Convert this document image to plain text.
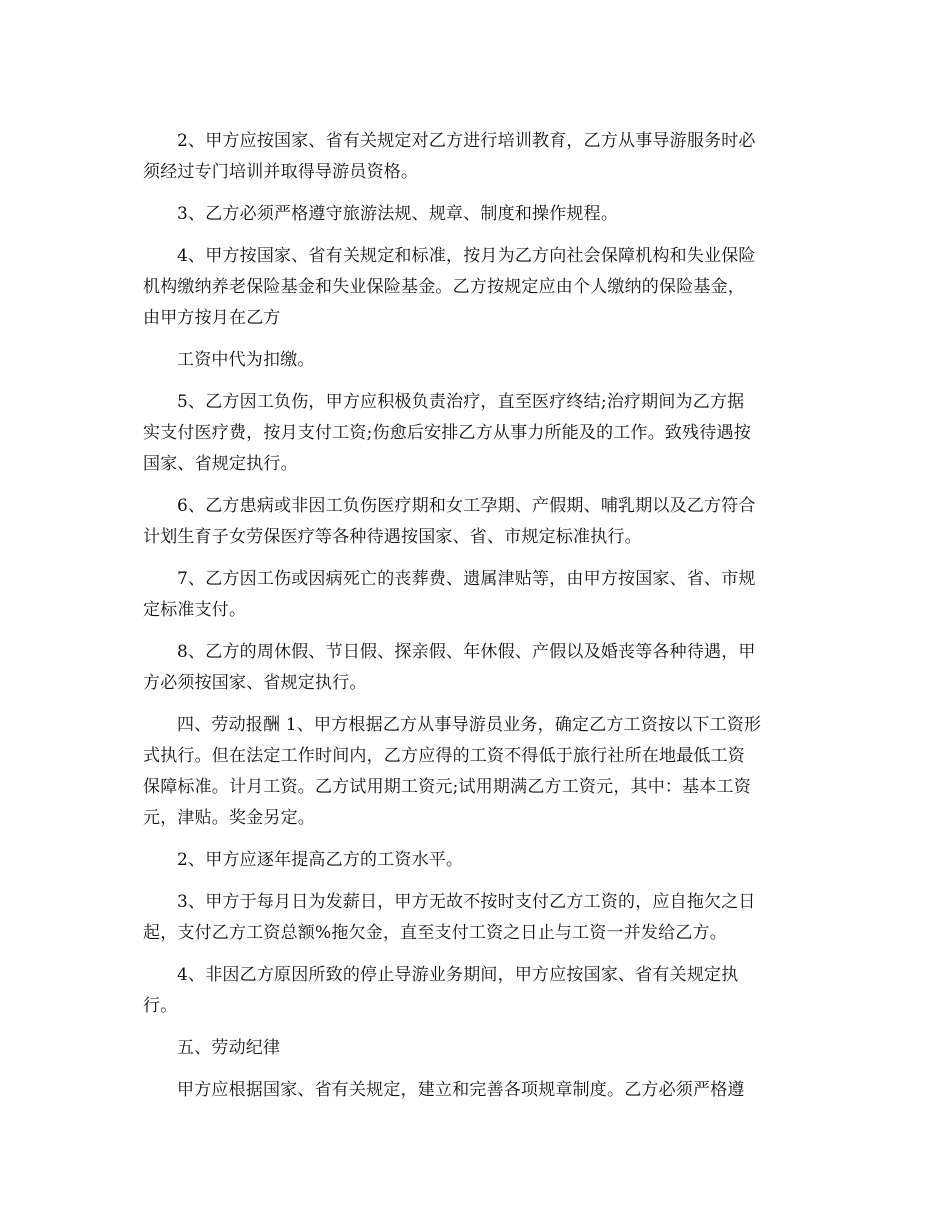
2、甲方应按国家、省有关规定对乙方进行培训教育，乙方从事导游服务时必
须经过专门培训并取得导游员资格。

3、乙方必须严格遵守旅游法规、规章、制度和操作规程。

4、甲方按国家、省有关规定和标准，按月为乙方向社会保障机构和失业保险
机构缴纳养老保险基金和失业保险基金。乙方按规定应由个人缴纳的保险基金，
由甲方按月在乙方

工资中代为扣缴。

5、乙方因工负伤，甲方应积极负责治疗，直至医疗终结;治疗期间为乙方据
实支付医疗费，按月支付工资;伤愈后安排乙方从事力所能及的工作。致残待遇按
国家、省规定执行。

6、乙方患病或非因工负伤医疗期和女工孕期、产假期、哺乳期以及乙方符合
计划生育子女劳保医疗等各种待遇按国家、省、市规定标准执行。

7、乙方因工伤或因病死亡的丧葬费、遗属津贴等，由甲方按国家、省、市规
定标准支付。

8、乙方的周休假、节日假、探亲假、年休假、产假以及婚丧等各种待遇，甲
方必须按国家、省规定执行。

四、劳动报酬 1、甲方根据乙方从事导游员业务，确定乙方工资按以下工资形
式执行。但在法定工作时间内，乙方应得的工资不得低于旅行社所在地最低工资
保障标准。计月工资。乙方试用期工资元;试用期满乙方工资元，其中：基本工资
元，津贴。奖金另定。

2、甲方应逐年提高乙方的工资水平。

3、甲方于每月日为发薪日，甲方无故不按时支付乙方工资的，应自拖欠之日
起，支付乙方工资总额%拖欠金，直至支付工资之日止与工资一并发给乙方。

4、非因乙方原因所致的停止导游业务期间，甲方应按国家、省有关规定执
行。

五、劳动纪律

甲方应根据国家、省有关规定，建立和完善各项规章制度。乙方必须严格遵
